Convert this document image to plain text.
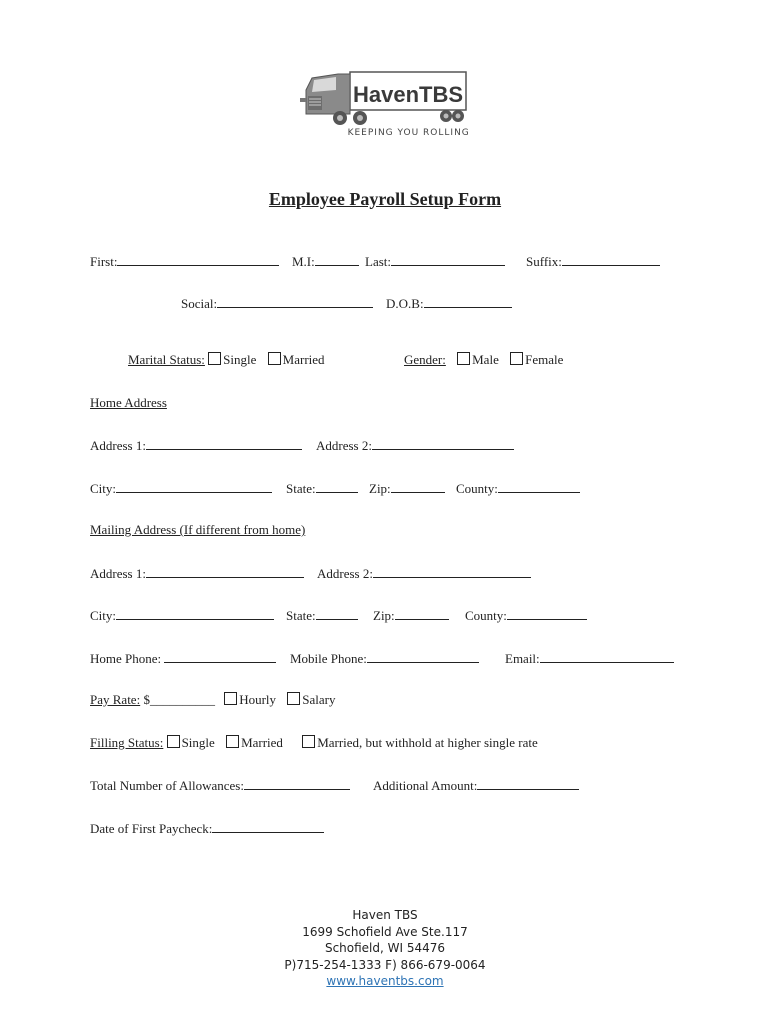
HavenTBS
KEEPING YOU ROLLING!
Employee Payroll Setup Form
First:	M.I:	Last:	Suffix:
Social:	D.O.B:
Marital Status: Single Married	Gender: Male Female
Home Address
Address 1:	Address 2:
City:	State:	Zip:	County:
Mailing Address (If different from home)
Address 1:	Address 2:
City:	State:	Zip:	County:
Home Phone:	Mobile Phone:	Email:
Pay Rate: $__________ Hourly Salary
Filling Status: Single Married	Married, but withhold at higher single rate
Total Number of Allowances:	Additional Amount:
Date of First Paycheck:
Haven TBS
1699 Schofield Ave Ste.117
Schofield, WI 54476
P)715-254-1333 F) 866-679-0064
www.haventbs.com
